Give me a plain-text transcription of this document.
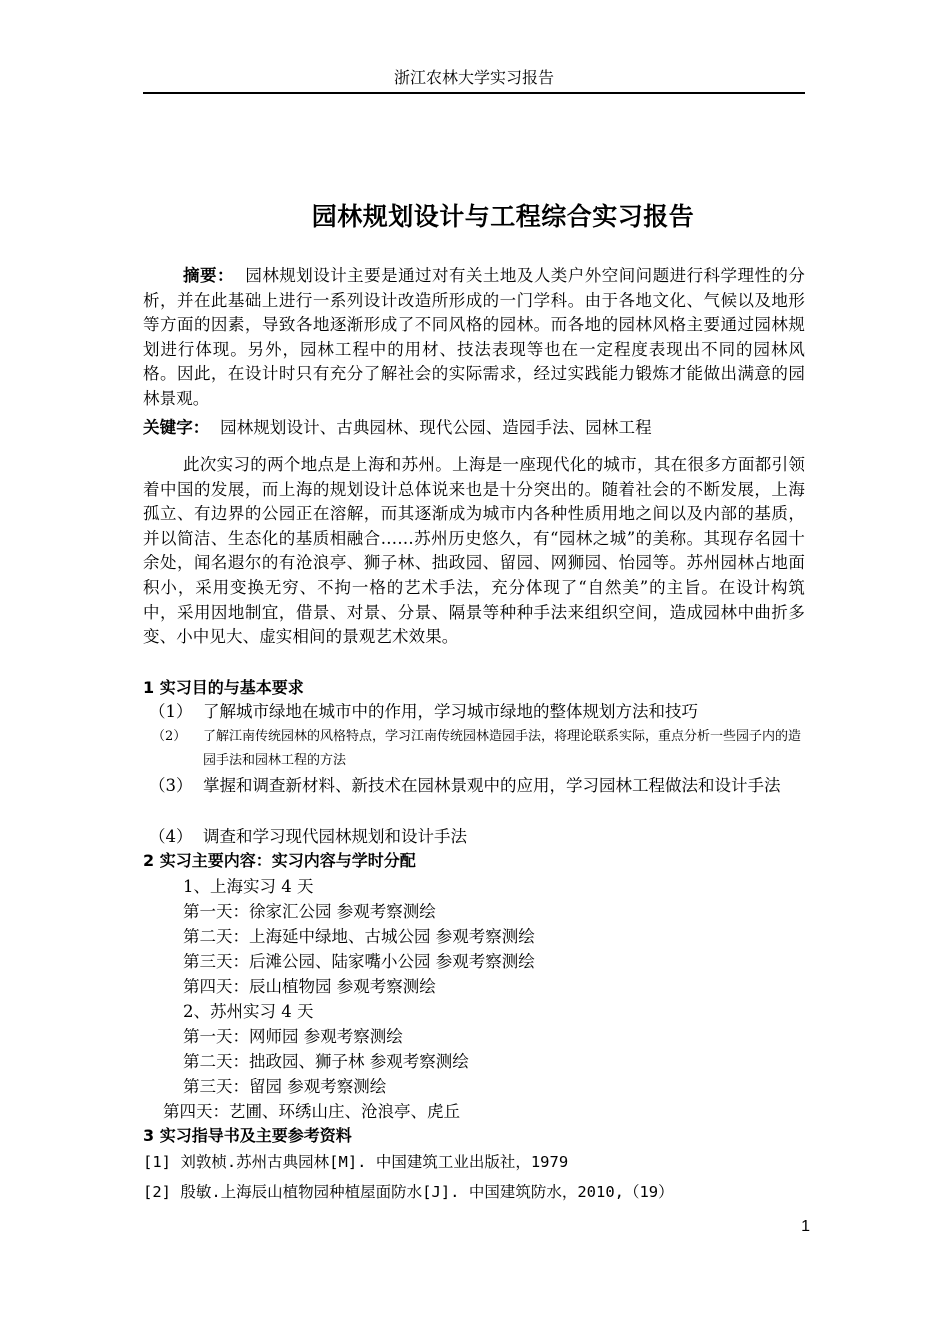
浙江农林大学实习报告
园林规划设计与工程综合实习报告
摘要： 园林规划设计主要是通过对有关土地及人类户外空间问题进行科学理性的分析，并在此基础上进行一系列设计改造所形成的一门学科。由于各地文化、气候以及地形等方面的因素，导致各地逐渐形成了不同风格的园林。而各地的园林风格主要通过园林规划进行体现。另外，园林工程中的用材、技法表现等也在一定程度表现出不同的园林风格。因此，在设计时只有充分了解社会的实际需求，经过实践能力锻炼才能做出满意的园林景观。
关键字： 园林规划设计、古典园林、现代公园、造园手法、园林工程
此次实习的两个地点是上海和苏州。上海是一座现代化的城市，其在很多方面都引领着中国的发展，而上海的规划设计总体说来也是十分突出的。随着社会的不断发展，上海孤立、有边界的公园正在溶解，而其逐渐成为城市内各种性质用地之间以及内部的基质，并以简洁、生态化的基质相融合……苏州历史悠久，有“园林之城”的美称。其现存名园十余处，闻名遐尔的有沧浪亭、狮子林、拙政园、留园、网狮园、怡园等。苏州园林占地面积小，采用变换无穷、不拘一格的艺术手法，充分体现了“自然美”的主旨。在设计构筑中，采用因地制宜，借景、对景、分景、隔景等种种手法来组织空间，造成园林中曲折多变、小中见大、虚实相间的景观艺术效果。
1 实习目的与基本要求
（1） 了解城市绿地在城市中的作用，学习城市绿地的整体规划方法和技巧
（2） 了解江南传统园林的风格特点，学习江南传统园林造园手法，将理论联系实际，重点分析一些园子内的造园手法和园林工程的方法
（3） 掌握和调查新材料、新技术在园林景观中的应用，学习园林工程做法和设计手法
（4） 调查和学习现代园林规划和设计手法
2 实习主要内容：实习内容与学时分配
1、上海实习 4 天
第一天：徐家汇公园 参观考察测绘
第二天：上海延中绿地、古城公园 参观考察测绘
第三天：后滩公园、陆家嘴小公园 参观考察测绘
第四天：辰山植物园 参观考察测绘
2、苏州实习 4 天
第一天：网师园 参观考察测绘
第二天：拙政园、狮子林 参观考察测绘
第三天：留园 参观考察测绘
第四天：艺圃、环绣山庄、沧浪亭、虎丘
3 实习指导书及主要参考资料
[1] 刘敦桢.苏州古典园林[M]. 中国建筑工业出版社，1979
[2] 殷敏.上海辰山植物园种植屋面防水[J]. 中国建筑防水，2010,（19）
1
